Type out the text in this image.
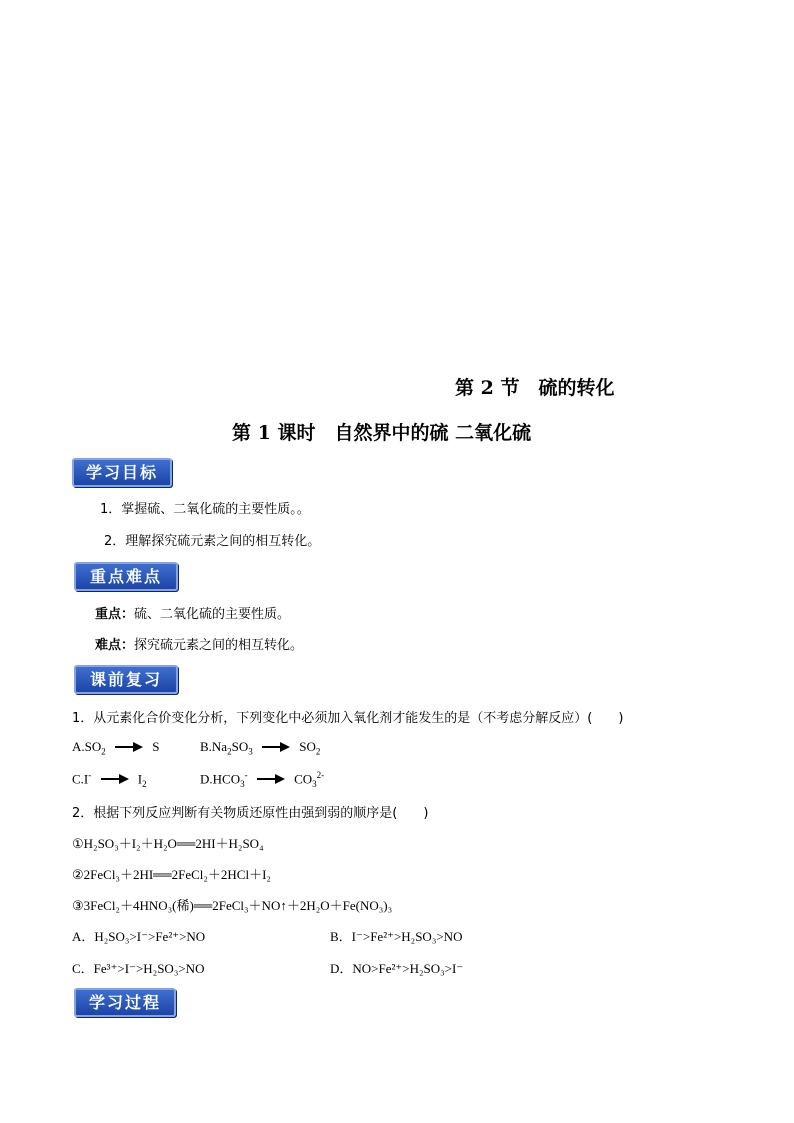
第 2 节　硫的转化
第 1 课时　自然界中的硫 二氧化硫
学习目标
1．掌握硫、二氧化硫的主要性质。。
2．理解探究硫元素之间的相互转化。
重点难点
重点：硫、二氧化硫的主要性质。
难点：探究硫元素之间的相互转化。
课前复习
1．从元素化合价变化分析，下列变化中必须加入氧化剂才能发生的是（不考虑分解反应）(　　)
$A.SO_2 \to S$	$B.Na_2SO_3 \to SO_2$
$C.I^- \to I_2$	$D.HCO_3^- \to CO_3^{2-}$
2．根据下列反应判断有关物质还原性由强到弱的顺序是(　　)
①H₂SO₃＋I₂＋H₂O══2HI＋H₂SO₄
②2FeCl₃＋2HI══2FeCl₂＋2HCl＋I₂
③3FeCl₂＋4HNO₃(稀)══2FeCl₃＋NO↑＋2H₂O＋Fe(NO₃)₃
A．H₂SO₃>I⁻>Fe²⁺>NO	B．I⁻>Fe²⁺>H₂SO₃>NO
C．Fe³⁺>I⁻>H₂SO₃>NO	D．NO>Fe²⁺>H₂SO₃>I⁻
学习过程
